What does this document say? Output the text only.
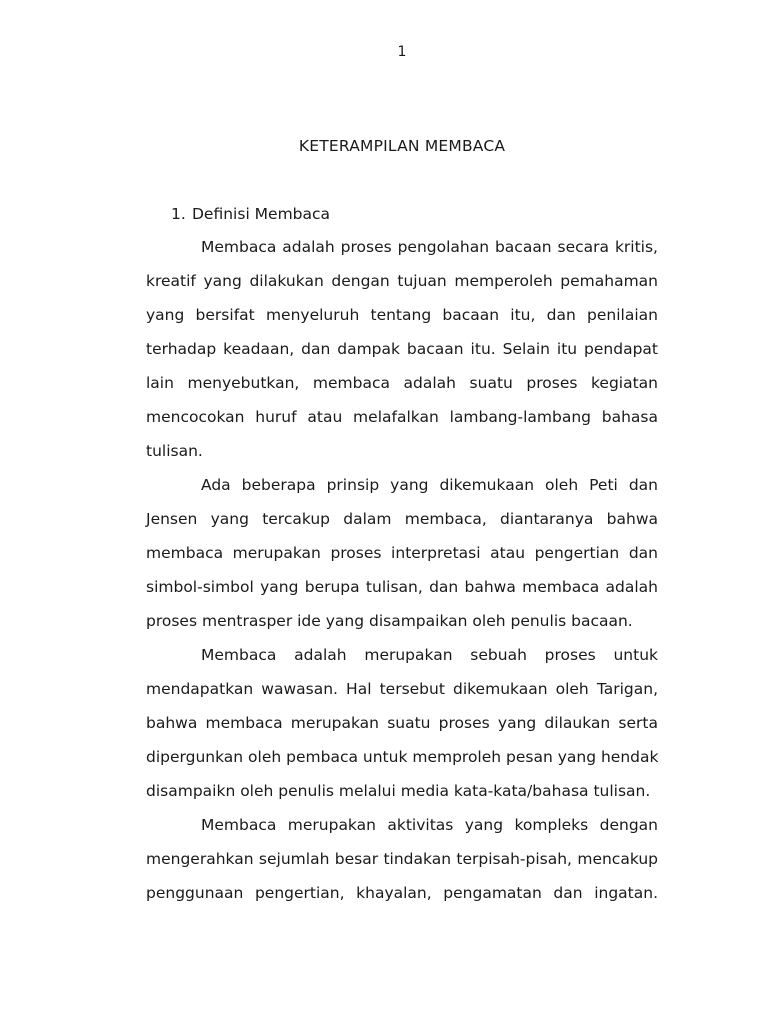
1
KETERAMPILAN MEMBACA
1. Definisi Membaca
Membaca adalah proses pengolahan bacaan secara kritis,
kreatif yang dilakukan dengan tujuan memperoleh pemahaman
yang bersifat menyeluruh tentang bacaan itu, dan penilaian
terhadap keadaan, dan dampak bacaan itu. Selain itu pendapat
lain menyebutkan, membaca adalah suatu proses kegiatan
mencocokan huruf atau melafalkan lambang-lambang bahasa
tulisan.
Ada beberapa prinsip yang dikemukaan oleh Peti dan
Jensen yang tercakup dalam membaca, diantaranya bahwa
membaca merupakan proses interpretasi atau pengertian dan
simbol-simbol yang berupa tulisan, dan bahwa membaca adalah
proses mentrasper ide yang disampaikan oleh penulis bacaan.
Membaca adalah merupakan sebuah proses untuk
mendapatkan wawasan. Hal tersebut dikemukaan oleh Tarigan,
bahwa membaca merupakan suatu proses yang dilaukan serta
dipergunkan oleh pembaca untuk memproleh pesan yang hendak
disampaikn oleh penulis melalui media kata-kata/bahasa tulisan.
Membaca merupakan aktivitas yang kompleks dengan
mengerahkan sejumlah besar tindakan terpisah-pisah, mencakup
penggunaan pengertian, khayalan, pengamatan dan ingatan.
